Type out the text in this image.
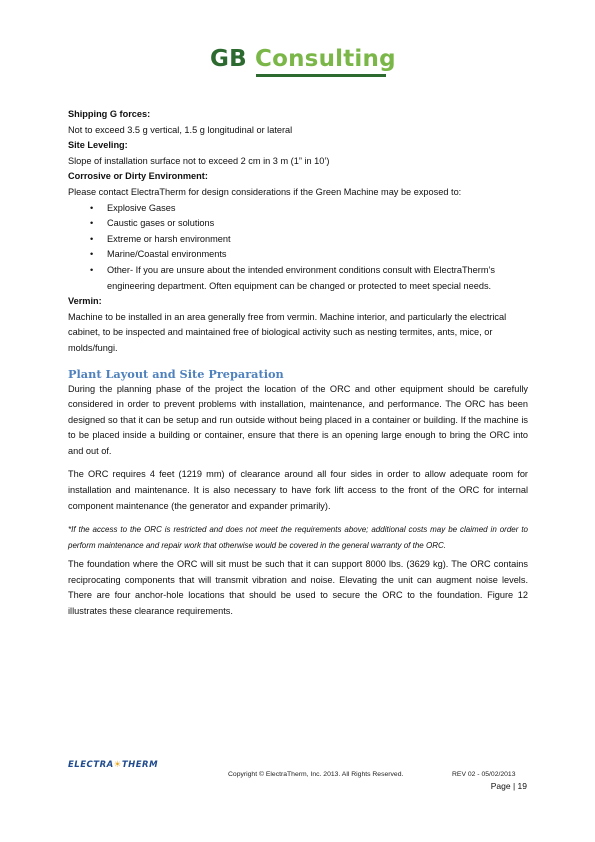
GB Consulting

Shipping G forces:

Not to exceed 3.5 g vertical, 1.5 g longitudinal or lateral

Site Leveling:

Slope of installation surface not to exceed 2 cm in 3 m (1” in 10’)

Corrosive or Dirty Environment:

Please contact ElectraTherm for design considerations if the Green Machine may be exposed to:

• Explosive Gases
• Caustic gases or solutions
• Extreme or harsh environment
• Marine/Coastal environments
• Other- If you are unsure about the intended environment conditions consult with ElectraTherm’s engineering department. Often equipment can be changed or protected to meet special needs.

Vermin:

Machine to be installed in an area generally free from vermin. Machine interior, and particularly the electrical cabinet, to be inspected and maintained free of biological activity such as nesting termites, ants, mice, or molds/fungi.

Plant Layout and Site Preparation

During the planning phase of the project the location of the ORC and other equipment should be carefully considered in order to prevent problems with installation, maintenance, and performance. The ORC has been designed so that it can be setup and run outside without being placed in a container or building. If the machine is to be placed inside a building or container, ensure that there is an opening large enough to bring the ORC into and out of.

The ORC requires 4 feet (1219 mm) of clearance around all four sides in order to allow adequate room for installation and maintenance. It is also necessary to have fork lift access to the front of the ORC for internal component maintenance (the generator and expander primarily).

*If the access to the ORC is restricted and does not meet the requirements above; additional costs may be claimed in order to perform maintenance and repair work that otherwise would be covered in the general warranty of the ORC.

The foundation where the ORC will sit must be such that it can support 8000 lbs. (3629 kg). The ORC contains reciprocating components that will transmit vibration and noise. Elevating the unit can augment noise levels. There are four anchor-hole locations that should be used to secure the ORC to the foundation. Figure 12 illustrates these clearance requirements.

ELECTRA☀THERM
Copyright © ElectraTherm, Inc. 2013. All Rights Reserved.	REV 02 - 05/02/2013
Page | 19
